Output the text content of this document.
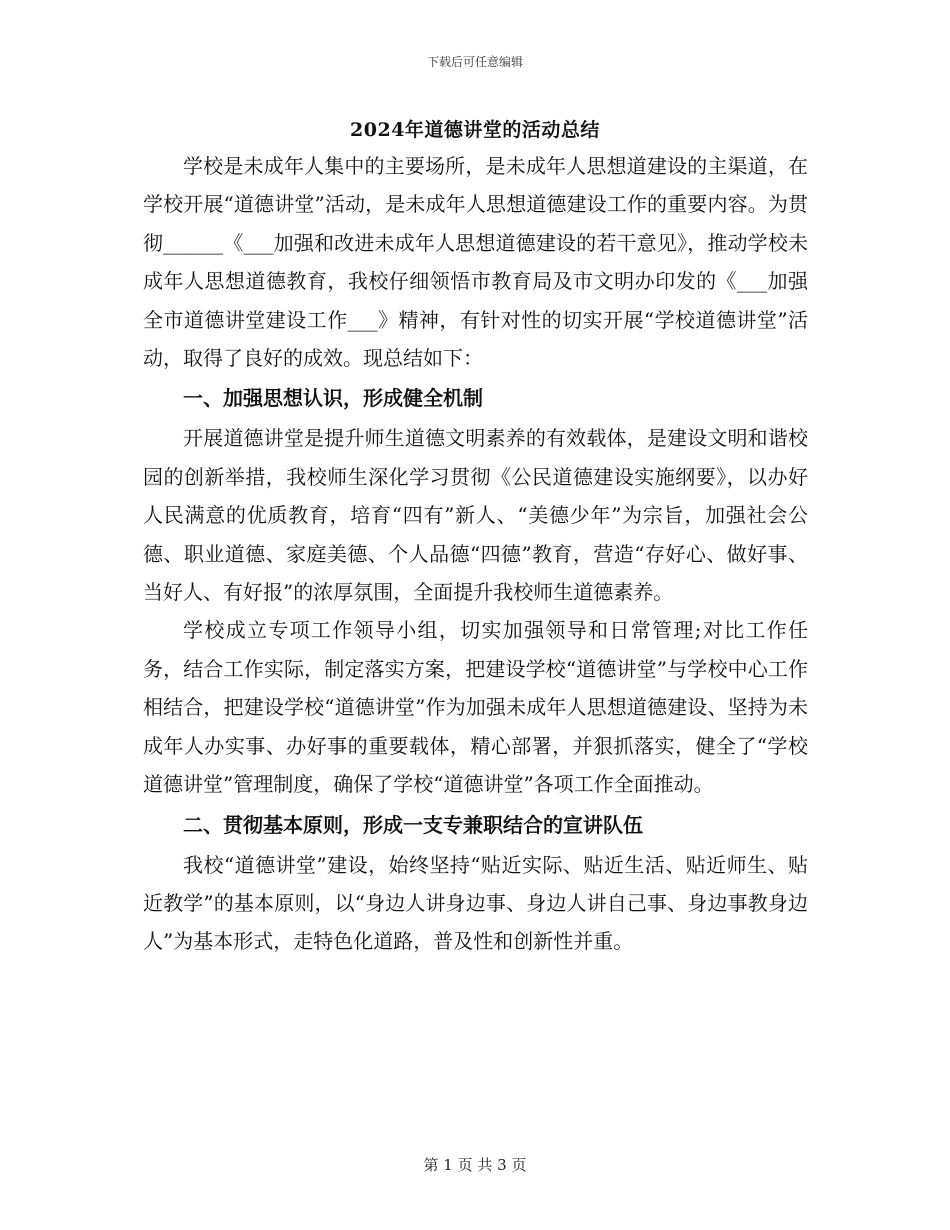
下载后可任意编辑
2024年道德讲堂的活动总结

学校是未成年人集中的主要场所，是未成年人思想道建设的主渠道，在学校开展“道德讲堂”活动，是未成年人思想道德建设工作的重要内容。为贯彻______《___加强和改进未成年人思想道德建设的若干意见》，推动学校未成年人思想道德教育，我校仔细领悟市教育局及市文明办印发的《___加强全市道德讲堂建设工作___》精神，有针对性的切实开展“学校道德讲堂”活动，取得了良好的成效。现总结如下：

一、加强思想认识，形成健全机制

开展道德讲堂是提升师生道德文明素养的有效载体，是建设文明和谐校园的创新举措，我校师生深化学习贯彻《公民道德建设实施纲要》，以办好人民满意的优质教育，培育“四有”新人、“美德少年”为宗旨，加强社会公德、职业道德、家庭美德、个人品德“四德”教育，营造“存好心、做好事、当好人、有好报”的浓厚氛围，全面提升我校师生道德素养。

学校成立专项工作领导小组，切实加强领导和日常管理;对比工作任务，结合工作实际，制定落实方案，把建设学校“道德讲堂”与学校中心工作相结合，把建设学校“道德讲堂”作为加强未成年人思想道德建设、坚持为未成年人办实事、办好事的重要载体，精心部署，并狠抓落实，健全了“学校道德讲堂”管理制度，确保了学校“道德讲堂”各项工作全面推动。

二、贯彻基本原则，形成一支专兼职结合的宣讲队伍

我校“道德讲堂”建设，始终坚持“贴近实际、贴近生活、贴近师生、贴近教学”的基本原则，以“身边人讲身边事、身边人讲自己事、身边事教身边人”为基本形式，走特色化道路，普及性和创新性并重。

第 1 页 共 3 页
